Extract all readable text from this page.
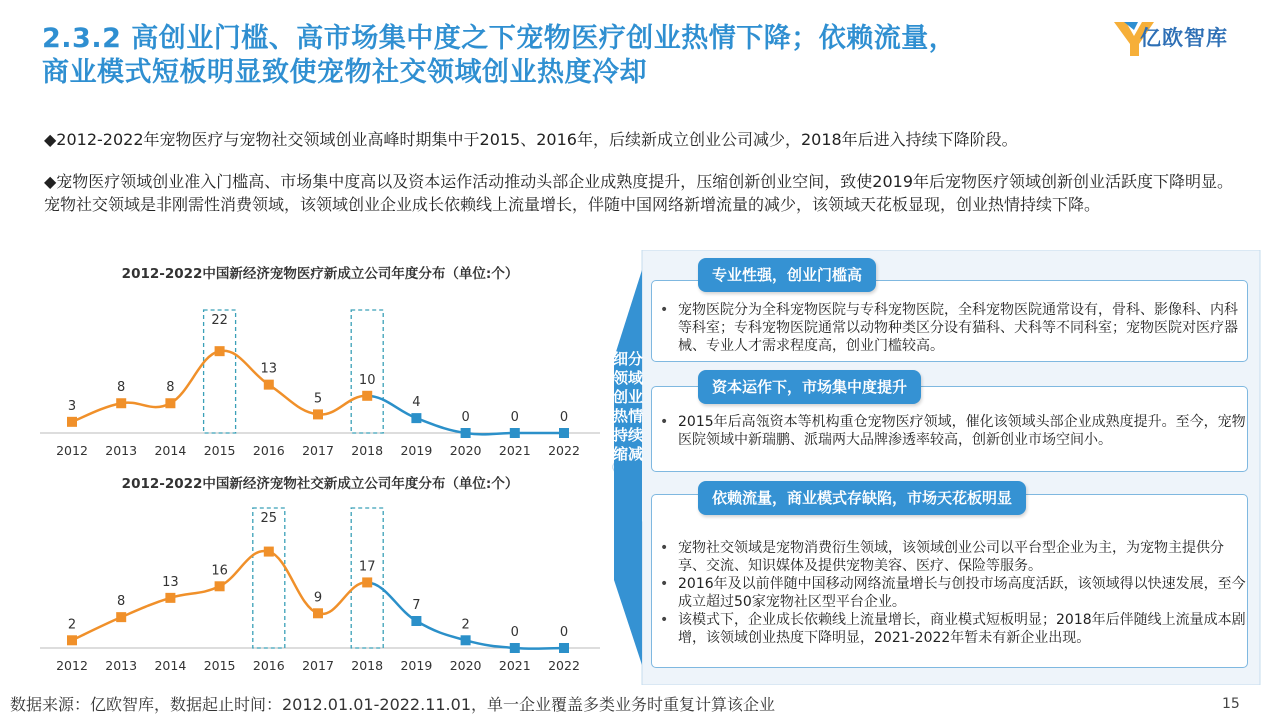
2.3.2 高创业门槛、高市场集中度之下宠物医疗创业热情下降；依赖流量，
商业模式短板明显致使宠物社交领域创业热度冷却
亿欧智库
◆2012-2022年宠物医疗与宠物社交领域创业高峰时期集中于2015、2016年，后续新成立创业公司减少，2018年后进入持续下降阶段。
◆宠物医疗领域创业准入门槛高、市场集中度高以及资本运作活动推动头部企业成熟度提升，压缩创新创业空间，致使2019年后宠物医疗领域创新创业活跃度下降明显。宠物社交领域是非刚需性消费领域，该领域创业企业成长依赖线上流量增长，伴随中国网络新增流量的减少，该领域天花板显现，创业热情持续下降。
2012-2022中国新经济宠物医疗新成立公司年度分布（单位:个）
3
2012
8
2013
8
2014
22
2015
13
2016
5
2017
10
2018
4
2019
0
2020
0
2021
0
2022
2012-2022中国新经济宠物社交新成立公司年度分布（单位:个）
2
2012
8
2013
13
2014
16
2015
25
2016
9
2017
17
2018
7
2019
2
2020
0
2021
0
2022
细分领域创业热情持续缩减
• 宠物医院分为全科宠物医院与专科宠物医院，全科宠物医院通常设有，骨科、影像科、内科等科室；专科宠物医院通常以动物种类区分设有猫科、犬科等不同科室；宠物医院对医疗器械、专业人才需求程度高，创业门槛较高。
专业性强，创业门槛高
• 2015年后高瓴资本等机构重仓宠物医疗领域，催化该领域头部企业成熟度提升。至今，宠物医院领域中新瑞鹏、派瑞两大品牌渗透率较高，创新创业市场空间小。
资本运作下，市场集中度提升
• 宠物社交领域是宠物消费衍生领域，该领域创业公司以平台型企业为主，为宠物主提供分享、交流、知识媒体及提供宠物美容、医疗、保险等服务。
• 2016年及以前伴随中国移动网络流量增长与创投市场高度活跃，该领域得以快速发展，至今成立超过50家宠物社区型平台企业。
• 该模式下，企业成长依赖线上流量增长，商业模式短板明显；2018年后伴随线上流量成本剧增，该领域创业热度下降明显，2021-2022年暂未有新企业出现。
依赖流量，商业模式存缺陷，市场天花板明显
数据来源：亿欧智库，数据起止时间：2012.01.01-2022.11.01，单一企业覆盖多类业务时重复计算该企业	15
